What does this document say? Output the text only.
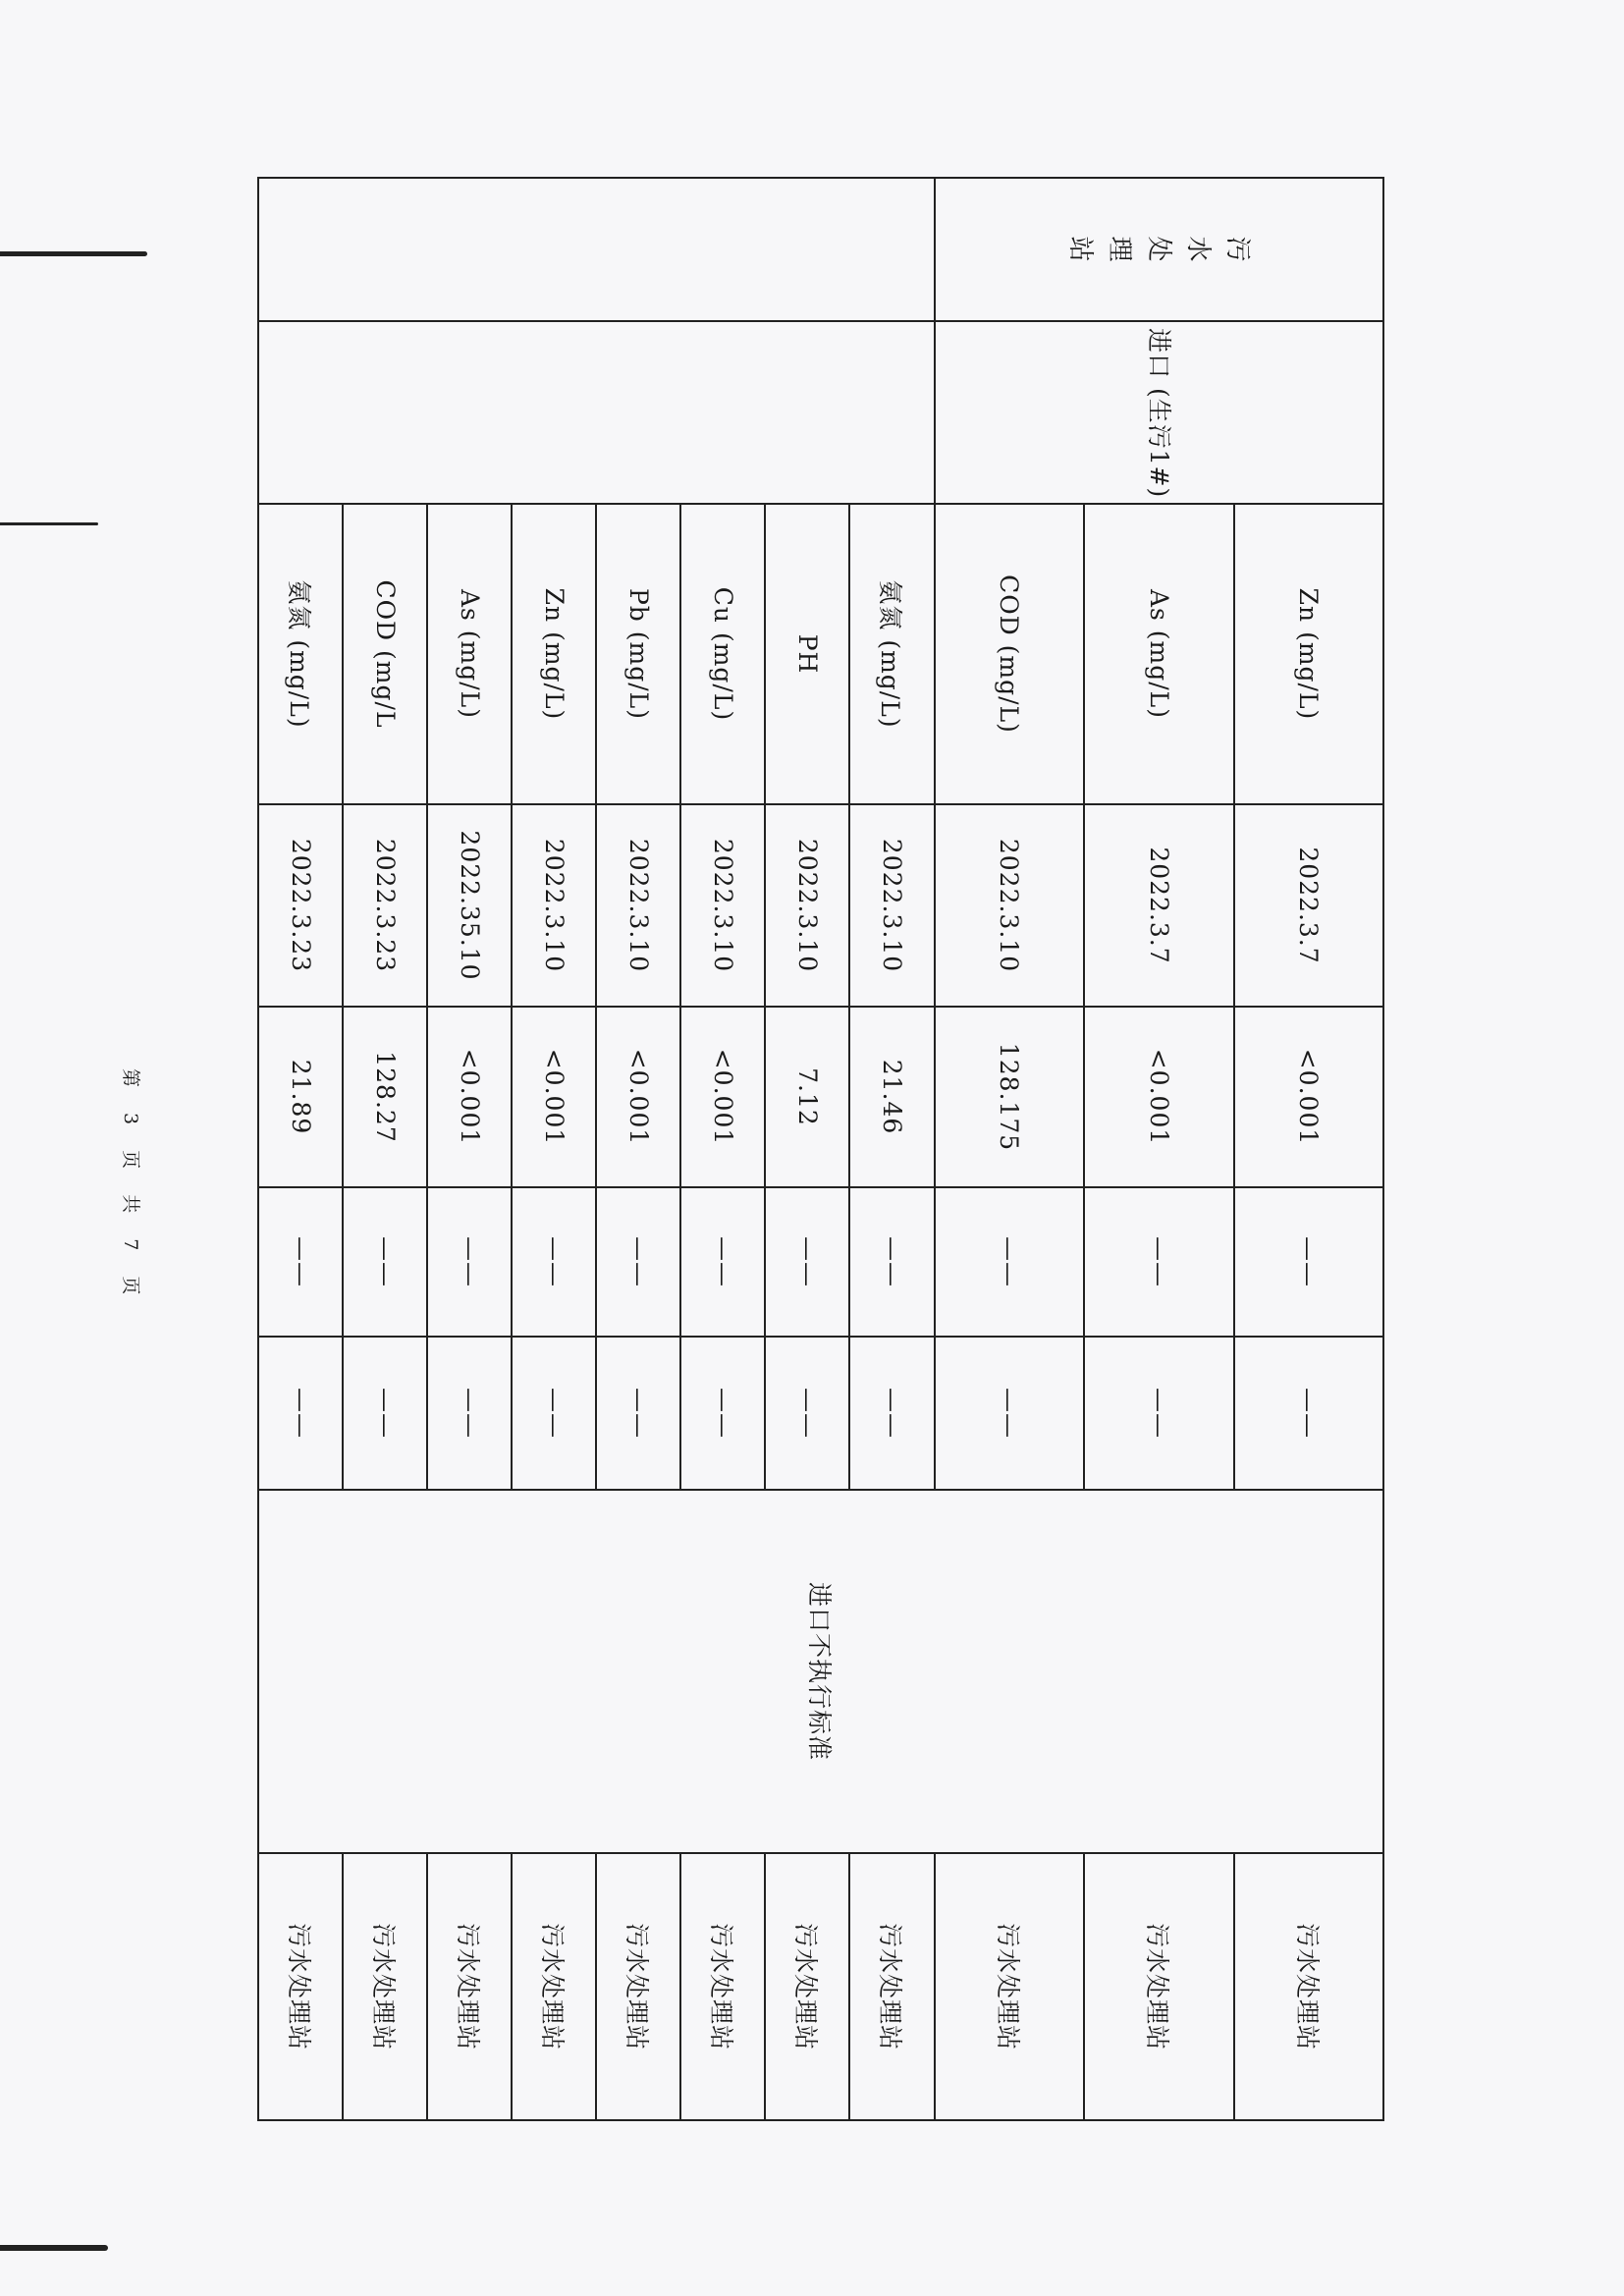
污
水
处
理
站	进口 (生污1#)	Zn (mg/L)	2022.3.7	<0.001	——	——	进口不执行标准	污水处理站
		As (mg/L)	2022.3.7	<0.001	——	——		污水处理站
		COD (mg/L)	2022.3.10	128.175	——	——		污水处理站
		氨氮 (mg/L)	2022.3.10	21.46	——	——		污水处理站
		PH	2022.3.10	7.12	——	——		污水处理站
		Cu (mg/L)	2022.3.10	<0.001	——	——		污水处理站
		Pb (mg/L)	2022.3.10	<0.001	——	——		污水处理站
		Zn (mg/L)	2022.3.10	<0.001	——	——		污水处理站
		As (mg/L)	2022.35.10	<0.001	——	——		污水处理站
		COD (mg/L	2022.3.23	128.27	——	——		污水处理站
		氨氮 (mg/L)	2022.3.23	21.89	——	——		污水处理站
第 3 页 共 7 页
